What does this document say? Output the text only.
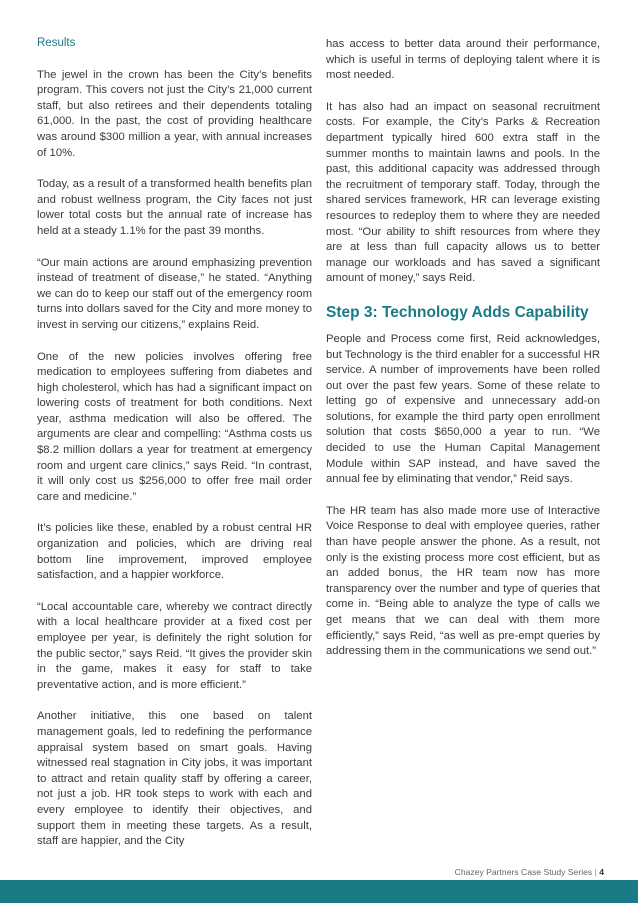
Results

The jewel in the crown has been the City’s benefits program. This covers not just the City’s 21,000 current staff, but also retirees and their dependents totaling 61,000. In the past, the cost of providing healthcare was around $300 million a year, with annual increases of 10%.

Today, as a result of a transformed health benefits plan and robust wellness program, the City faces not just lower total costs but the annual rate of increase has held at a steady 1.1% for the past 39 months.

“Our main actions are around emphasizing prevention instead of treatment of disease,” he stated. “Anything we can do to keep our staff out of the emergency room turns into dollars saved for the City and more money to invest in serving our citizens,” explains Reid.

One of the new policies involves offering free medication to employees suffering from diabetes and high cholesterol, which has had a significant impact on lowering costs of treatment for both conditions. Next year, asthma medication will also be offered. The arguments are clear and compelling: “Asthma costs us $8.2 million dollars a year for treatment at emergency room and urgent care clinics,” says Reid. “In contrast, it will only cost us $256,000 to offer free mail order care and medicine.”

It’s policies like these, enabled by a robust central HR organization and policies, which are driving real bottom line improvement, improved employee satisfaction, and a happier workforce.

“Local accountable care, whereby we contract directly with a local healthcare provider at a fixed cost per employee per year, is definitely the right solution for the public sector,” says Reid. “It gives the provider skin in the game, makes it easy for staff to take preventative action, and is more efficient.”

Another initiative, this one based on talent management goals, led to redefining the performance appraisal system based on smart goals. Having witnessed real stagnation in City jobs, it was important to attract and retain quality staff by offering a career, not just a job. HR took steps to work with each and every employee to identify their objectives, and support them in meeting these targets. As a result, staff are happier, and the City

has access to better data around their performance, which is useful in terms of deploying talent where it is most needed.

It has also had an impact on seasonal recruitment costs. For example, the City’s Parks & Recreation department typically hired 600 extra staff in the summer months to maintain lawns and pools. In the past, this additional capacity was addressed through the recruitment of temporary staff. Today, through the shared services framework, HR can leverage existing resources to redeploy them to where they are needed most. “Our ability to shift resources from where they are at less than full capacity allows us to better manage our workloads and has saved a significant amount of money,” says Reid.

Step 3: Technology Adds Capability

People and Process come first, Reid acknowledges, but Technology is the third enabler for a successful HR service. A number of improvements have been rolled out over the past few years. Some of these relate to letting go of expensive and unnecessary add-on solutions, for example the third party open enrollment solution that costs $650,000 a year to run. “We decided to use the Human Capital Management Module within SAP instead, and have saved the annual fee by eliminating that vendor,” Reid says.

The HR team has also made more use of Interactive Voice Response to deal with employee queries, rather than have people answer the phone. As a result, not only is the existing process more cost efficient, but as an added bonus, the HR team now has more transparency over the number and type of queries that come in. “Being able to analyze the type of calls we get means that we can deal with them more efficiently,” says Reid, “as well as pre-empt queries by addressing them in the communications we send out.”

Chazey Partners Case Study Series | 4
